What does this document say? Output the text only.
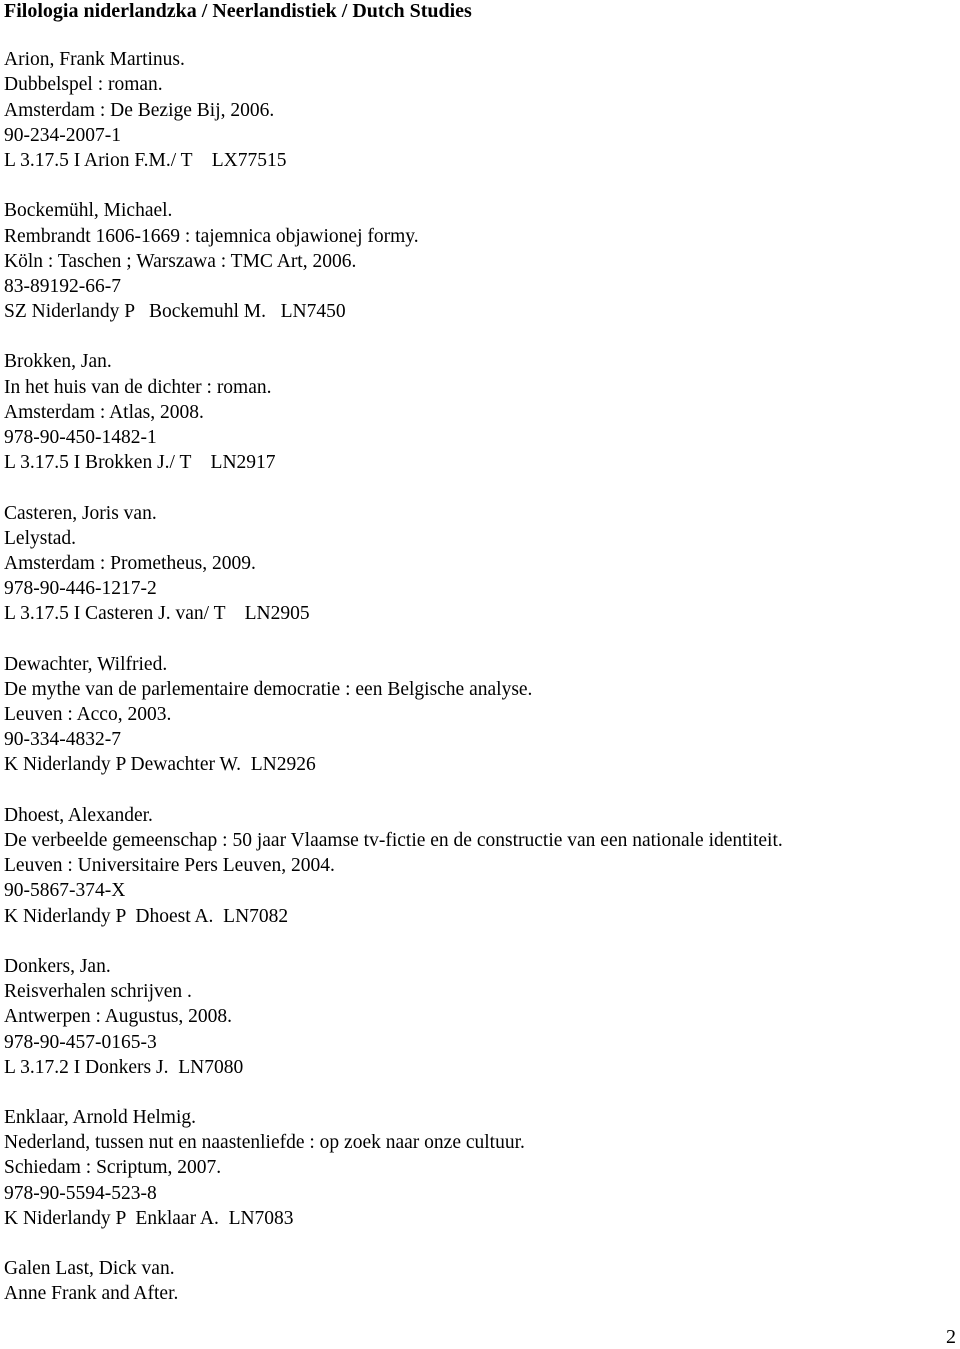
Filologia niderlandzka / Neerlandistiek / Dutch Studies
Arion, Frank Martinus.
Dubbelspel : roman.
Amsterdam : De Bezige Bij, 2006.
90-234-2007-1
L 3.17.5 I Arion F.M./ T    LX77515
Bockemühl, Michael.
Rembrandt 1606-1669 : tajemnica objawionej formy.
Köln : Taschen ; Warszawa : TMC Art, 2006.
83-89192-66-7
SZ Niderlandy P   Bockemuhl M.   LN7450
Brokken, Jan.
In het huis van de dichter : roman.
Amsterdam : Atlas, 2008.
978-90-450-1482-1
L 3.17.5 I Brokken J./ T    LN2917
Casteren, Joris van.
Lelystad.
Amsterdam : Prometheus, 2009.
978-90-446-1217-2
L 3.17.5 I Casteren J. van/ T    LN2905
Dewachter, Wilfried.
De mythe van de parlementaire democratie : een Belgische analyse.
Leuven : Acco, 2003.
90-334-4832-7
K Niderlandy P Dewachter W.  LN2926
Dhoest, Alexander.
De verbeelde gemeenschap : 50 jaar Vlaamse tv-fictie en de constructie van een nationale identiteit.
Leuven : Universitaire Pers Leuven, 2004.
90-5867-374-X
K Niderlandy P  Dhoest A.  LN7082
Donkers, Jan.
Reisverhalen schrijven .
Antwerpen : Augustus, 2008.
978-90-457-0165-3
L 3.17.2 I Donkers J.  LN7080
Enklaar, Arnold Helmig.
Nederland, tussen nut en naastenliefde : op zoek naar onze cultuur.
Schiedam : Scriptum, 2007.
978-90-5594-523-8
K Niderlandy P  Enklaar A.  LN7083
Galen Last, Dick van.
Anne Frank and After.
2
